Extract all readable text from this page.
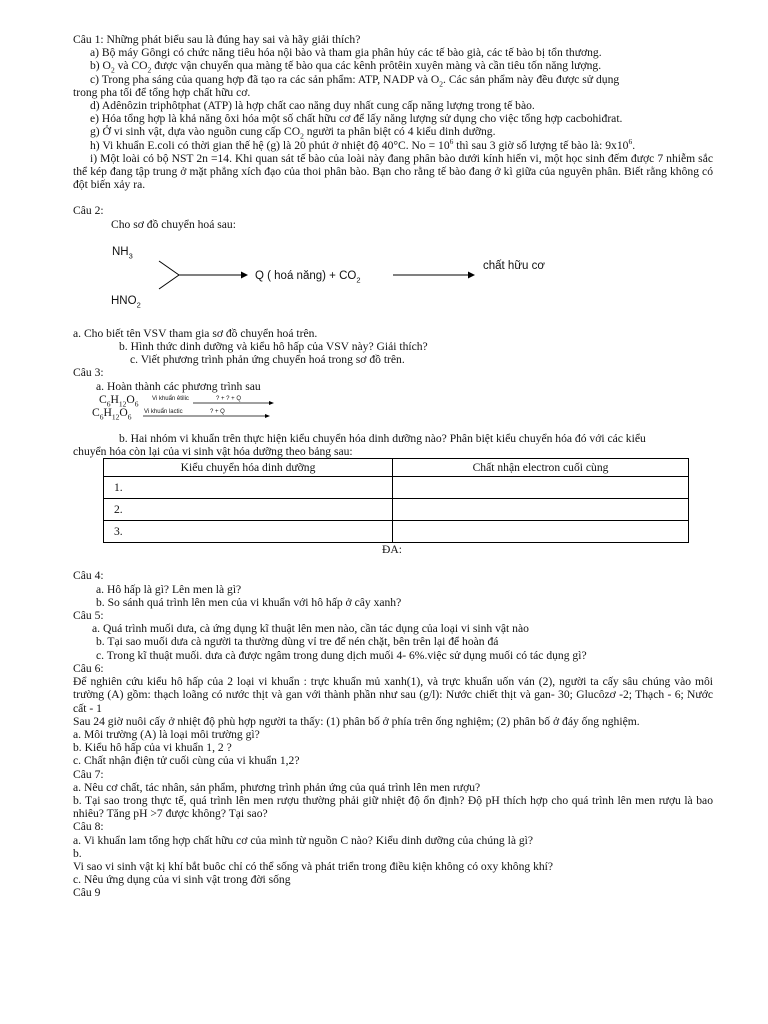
Câu 1: Những phát biểu sau là đúng hay sai và hãy giải thích?
a) Bộ máy Gôngi có chức năng tiêu hóa nội bào và tham gia phân hủy các tế bào già, các tế bào bị tổn thương.
b) $O_2$ và $CO_2$ được vận chuyển qua màng tế bào qua các kênh prôtêin xuyên màng và cần tiêu tốn năng lượng.
c) Trong pha sáng của quang hợp đã tạo ra các sản phẩm: ATP, NADP và $O_2$. Các sản phẩm này đều được sử dụng
trong pha tối để tổng hợp chất hữu cơ.
d) Adênôzin triphôtphat (ATP) là hợp chất cao năng duy nhất cung cấp năng lượng trong tế bào.
e) Hóa tổng hợp là khả năng ôxi hóa một số chất hữu cơ để lấy năng lượng sử dụng cho việc tổng hợp cacbohiđrat.
g) Ở vi sinh vật, dựa vào nguồn cung cấp $CO_2$ người ta phân biệt có 4 kiểu dinh dưỡng.
h) Vi khuẩn E.coli có thời gian thế hệ (g) là 20 phút ở nhiệt độ 40°C. $No = 10^6$ thì sau 3 giờ số lượng tế bào là: $9x10^6$.
i) Một loài có bộ NST 2n =14. Khi quan sát tế bào của loài này đang phân bào dưới kính hiển vi, một học sinh đếm được 7 nhiễm sắc thể kép đang tập trung ở mặt phẳng xích đạo của thoi phân bào. Bạn cho rằng tế bào đang ở kì giữa của nguyên phân. Biết rằng không có đột biến xảy ra.
Câu 2:
Cho sơ đồ chuyển hoá sau:
$NH_3$
$HNO_2$
Q ( hoá năng) + $CO_2$
chất hữu cơ
a. Cho biết tên VSV tham gia sơ đồ chuyển hoá trên.
b. Hình thức dinh dưỡng và kiểu hô hấp của VSV này? Giải thích?
c. Viết phương trình phản ứng chuyển hoá trong sơ đồ trên.
Câu 3:
a. Hoàn thành các phương trình sau
$C_6H_{12}O_6$
Vi khuẩn êtilic	? + ? + Q
$C_6H_{12}O_6$
Vi khuẩn lactic	? + Q
b. Hai nhóm vi khuẩn trên thực hiện kiểu chuyển hóa dinh dưỡng nào? Phân biệt kiểu chuyển hóa đó với các kiểu
chuyển hóa còn lại của vi sinh vật hóa dưỡng theo bảng sau:
Kiểu chuyển hóa dinh dưỡng	Chất nhận electron cuối cùng
1.	
2.	
3.	
ĐA:
Câu 4:
a. Hô hấp là gì? Lên men là gì?
b. So sánh quá trình lên men của vi khuẩn với hô hấp ở cây xanh?
Câu 5:
a. Quá trình muối dưa, cà ứng dụng kĩ thuật lên men nào, cần tác dụng của loại vi sinh vật nào
b. Tại sao muối dưa cà người ta thường dùng vỉ tre để nén chặt, bên trên lại để hoàn đá
c. Trong kĩ thuật muối. dưa cà được ngâm trong dung dịch muối 4- 6%.việc sử dụng muối có tác dụng gì?
Câu 6:
Để nghiên cứu kiểu hô hấp của 2 loại vi khuẩn : trực khuẩn mủ xanh(1), và trực khuẩn uốn ván (2), người ta cấy sâu chúng vào môi trường (A) gồm: thạch loãng có nước thịt và gan với thành phần như sau (g/l): Nước chiết thịt và gan- 30; Glucôzơ -2; Thạch - 6; Nước cất - 1
Sau 24 giờ nuôi cấy ở nhiệt độ phù hợp người ta thấy: (1) phân bố ở phía trên ống nghiệm; (2) phân bố ở đáy ống nghiệm.
a. Môi trường (A) là loại môi trường gì?
b. Kiểu hô hấp của vi khuẩn 1, 2 ?
c. Chất nhận điện tử cuối cùng của vi khuẩn 1,2?
Câu 7:
a. Nêu cơ chất, tác nhân, sản phẩm, phương trình phản ứng của quá trình lên men rượu?
b. Tại sao trong thực tế, quá trình lên men rượu thường phải giữ nhiệt độ ổn định? Độ pH thích hợp cho quá trình lên men rượu là bao nhiêu? Tăng pH >7 được không? Tại sao?
Câu 8:
a. Vi khuẩn lam tổng hợp chất hữu cơ của mình từ nguồn C nào? Kiểu dinh dưỡng của chúng là gì?
b.
Vi sao vi sinh vật kị khí bắt buôc chỉ có thể sống và phát triển trong điều kiện không có oxy không khí?
c. Nêu ứng dụng của vi sinh vật trong đời sống
Câu 9
